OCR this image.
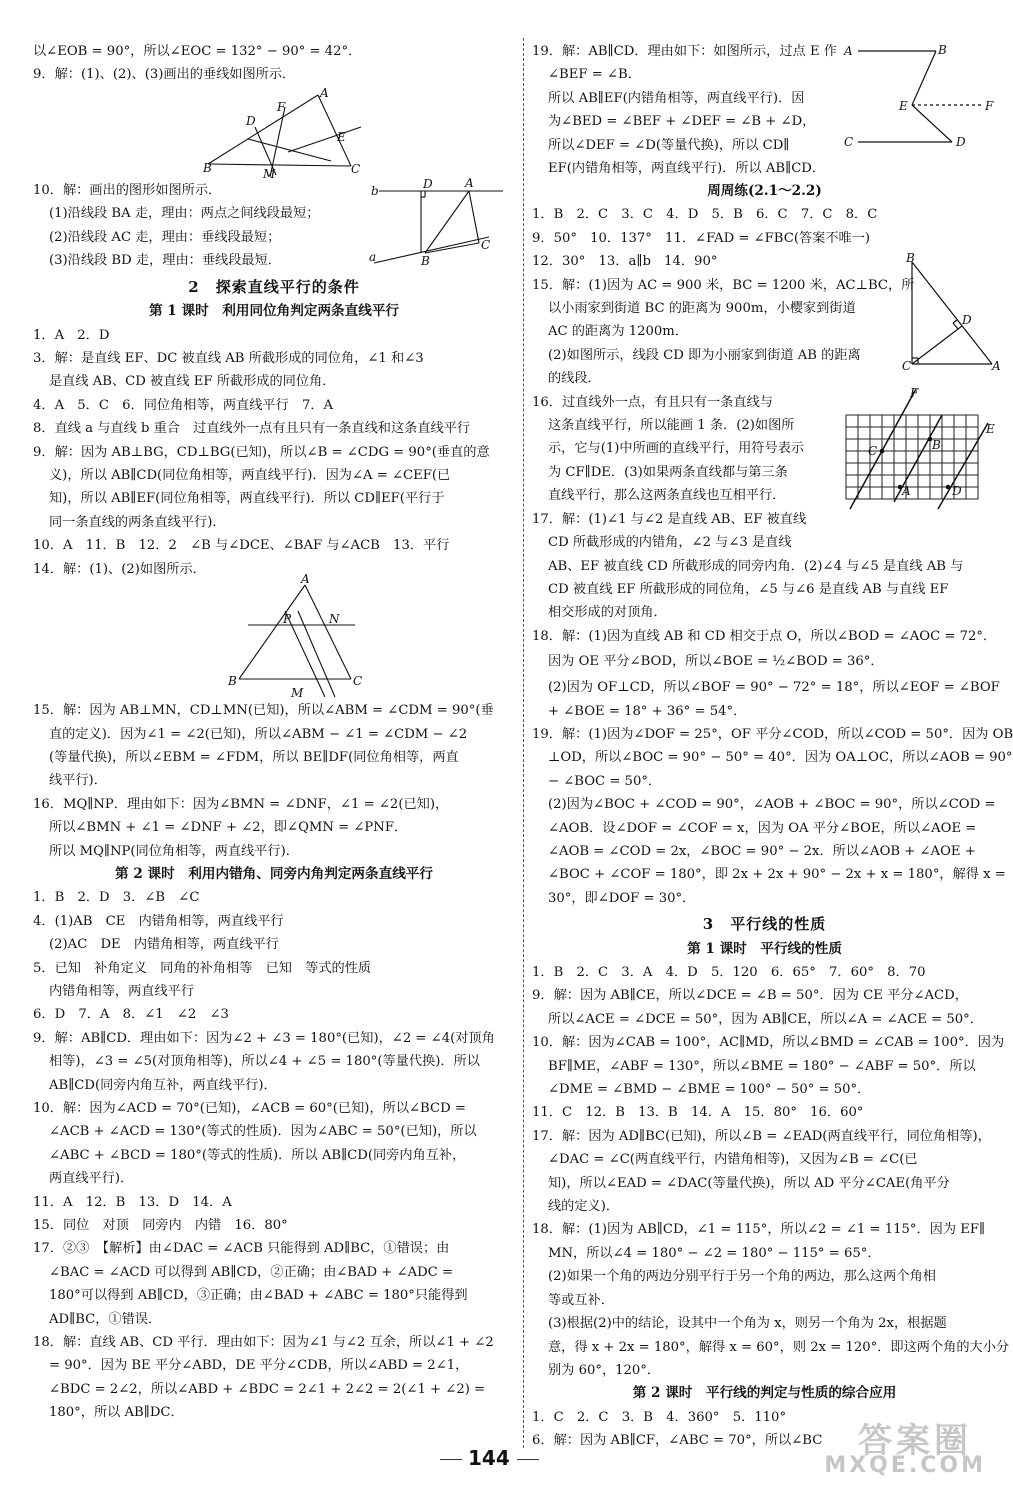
以∠EOB = 90°，所以∠EOC = 132° − 90° = 42°．
9．解：(1)、(2)、(3)画出的垂线如图所示．
A
B	C
D
F
E
M
b	D	A
C
B
a
10．解：画出的图形如图所示．
(1)沿线段 BA 走，理由：两点之间线段最短；
(2)沿线段 AC 走，理由：垂线段最短；
(3)沿线段 BD 走，理由：垂线段最短．
2　探索直线平行的条件
第 1 课时　利用同位角判定两条直线平行
1．A　2．D
3．解：是直线 EF、DC 被直线 AB 所截形成的同位角，∠1 和∠3
是直线 AB、CD 被直线 EF 所截形成的同位角．
4．A　5．C　6．同位角相等，两直线平行　7．A
8．直线 a 与直线 b 重合　过直线外一点有且只有一条直线和这条直线平行
9．解：因为 AB⊥BG，CD⊥BG(已知)，所以∠B = ∠CDG = 90°(垂直的意
义)，所以 AB∥CD(同位角相等，两直线平行)．因为∠A = ∠CEF(已
知)，所以 AB∥EF(同位角相等，两直线平行)．所以 CD∥EF(平行于
同一条直线的两条直线平行)．
10．A　11．B　12．2　∠B 与∠DCE、∠BAF 与∠ACB　13．平行
14．解：(1)、(2)如图所示．
A
B	C
P	N
M
15．解：因为 AB⊥MN，CD⊥MN(已知)，所以∠ABM = ∠CDM = 90°(垂
直的定义)．因为∠1 = ∠2(已知)，所以∠ABM − ∠1 = ∠CDM − ∠2
(等量代换)，所以∠EBM = ∠FDM，所以 BE∥DF(同位角相等，两直
线平行)．
16．MQ∥NP．理由如下：因为∠BMN = ∠DNF，∠1 = ∠2(已知)，
所以∠BMN + ∠1 = ∠DNF + ∠2，即∠QMN = ∠PNF．
所以 MQ∥NP(同位角相等，两直线平行)．
第 2 课时　利用内错角、同旁内角判定两条直线平行
1．B　2．D　3．∠B　∠C
4．(1)AB　CE　内错角相等，两直线平行
(2)AC　DE　内错角相等，两直线平行
5．已知　补角定义　同角的补角相等　已知　等式的性质
内错角相等，两直线平行
6．D　7．A　8．∠1　∠2　∠3
9．解：AB∥CD．理由如下：因为∠2 + ∠3 = 180°(已知)，∠2 = ∠4(对顶角
相等)，∠3 = ∠5(对顶角相等)，所以∠4 + ∠5 = 180°(等量代换)．所以
AB∥CD(同旁内角互补，两直线平行)．
10．解：因为∠ACD = 70°(已知)，∠ACB = 60°(已知)，所以∠BCD =
∠ACB + ∠ACD = 130°(等式的性质)．因为∠ABC = 50°(已知)，所以
∠ABC + ∠BCD = 180°(等式的性质)．所以 AB∥CD(同旁内角互补，
两直线平行)．
11．A　12．B　13．D　14．A
15．同位　对顶　同旁内　内错　16．80°
17．②③　【解析】由∠DAC = ∠ACB 只能得到 AD∥BC，①错误；由
∠BAC = ∠ACD 可以得到 AB∥CD，②正确；由∠BAD + ∠ADC =
180°可以得到 AB∥CD，③正确；由∠BAD + ∠ABC = 180°只能得到
AD∥BC，①错误．
18．解：直线 AB、CD 平行．理由如下：因为∠1 与∠2 互余，所以∠1 + ∠2
= 90°．因为 BE 平分∠ABD，DE 平分∠CDB，所以∠ABD = 2∠1，
∠BDC = 2∠2，所以∠ABD + ∠BDC = 2∠1 + 2∠2 = 2(∠1 + ∠2) =
180°，所以 AB∥DC．
A	B
E	F
C	D
19．解：AB∥CD．理由如下：如图所示，过点 E 作
∠BEF = ∠B．
所以 AB∥EF(内错角相等，两直线平行)．因
为∠BED = ∠BEF + ∠DEF = ∠B + ∠D，
所以∠DEF = ∠D(等量代换)，所以 CD∥
EF(内错角相等，两直线平行)．所以 AB∥CD．
周周练(2.1～2.2)
1．B　2．C　3．C　4．D　5．B　6．C　7．C　8．C
9．50°　10．137°　11．∠FAD = ∠FBC(答案不唯一)
12．30°　13．a∥b　14．90°	B
D
C	A
15．解：(1)因为 AC = 900 米，BC = 1200 米，AC⊥BC，所
以小雨家到街道 BC 的距离为 900m，小樱家到街道
AC 的距离为 1200m．
(2)如图所示，线段 CD 即为小丽家到街道 AB 的距离
的线段．
F
E
C	B
A	D
16．过直线外一点，有且只有一条直线与
这条直线平行，所以能画 1 条．(2)如图所
示，它与(1)中所画的直线平行，用符号表示
为 CF∥DE．(3)如果两条直线都与第三条
直线平行，那么这两条直线也互相平行．
17．解：(1)∠1 与∠2 是直线 AB、EF 被直线
CD 所截形成的内错角，∠2 与∠3 是直线
AB、EF 被直线 CD 所截形成的同旁内角．(2)∠4 与∠5 是直线 AB 与
CD 被直线 EF 所截形成的同位角，∠5 与∠6 是直线 AB 与直线 EF
相交形成的对顶角．
18．解：(1)因为直线 AB 和 CD 相交于点 O，所以∠BOD = ∠AOC = 72°．
因为 OE 平分∠BOD，所以∠BOE = ½∠BOD = 36°．
(2)因为 OF⊥CD，所以∠BOF = 90° − 72° = 18°，所以∠EOF = ∠BOF
+ ∠BOE = 18° + 36° = 54°．
19．解：(1)因为∠DOF = 25°，OF 平分∠COD，所以∠COD = 50°．因为 OB
⊥OD，所以∠BOC = 90° − 50° = 40°．因为 OA⊥OC，所以∠AOB = 90°
− ∠BOC = 50°．
(2)因为∠BOC + ∠COD = 90°，∠AOB + ∠BOC = 90°，所以∠COD =
∠AOB．设∠DOF = ∠COF = x，因为 OA 平分∠BOE，所以∠AOE =
∠AOB = ∠COD = 2x，∠BOC = 90° − 2x．所以∠AOB + ∠AOE +
∠BOC + ∠COF = 180°，即 2x + 2x + 90° − 2x + x = 180°，解得 x =
30°，即∠DOF = 30°．
3　平行线的性质
第 1 课时　平行线的性质
1．B　2．C　3．A　4．D　5．120　6．65°　7．60°　8．70
9．解：因为 AB∥CE，所以∠DCE = ∠B = 50°．因为 CE 平分∠ACD，
所以∠ACE = ∠DCE = 50°，因为 AB∥CE，所以∠A = ∠ACE = 50°．
10．解：因为∠CAB = 100°，AC∥MD，所以∠BMD = ∠CAB = 100°．因为
BF∥ME，∠ABF = 130°，所以∠BME = 180° − ∠ABF = 50°．所以
∠DME = ∠BMD − ∠BME = 100° − 50° = 50°．
11．C　12．B　13．B　14．A　15．80°　16．60°
17．解：因为 AD∥BC(已知)，所以∠B = ∠EAD(两直线平行，同位角相等)，
∠DAC = ∠C(两直线平行，内错角相等)，又因为∠B = ∠C(已
知)，所以∠EAD = ∠DAC(等量代换)，所以 AD 平分∠CAE(角平分
线的定义)．
18．解：(1)因为 AB∥CD，∠1 = 115°，所以∠2 = ∠1 = 115°．因为 EF∥
MN，所以∠4 = 180° − ∠2 = 180° − 115° = 65°．
(2)如果一个角的两边分别平行于另一个角的两边，那么这两个角相
等或互补．
(3)根据(2)中的结论，设其中一个角为 x，则另一个角为 2x，根据题
意，得 x + 2x = 180°，解得 x = 60°，则 2x = 120°．即这两个角的大小分
别为 60°，120°．
第 2 课时　平行线的判定与性质的综合应用
1．C　2．C　3．B　4．360°　5．110°
6．解：因为 AB∥CF，∠ABC = 70°，所以∠BC
144	答案圈
MXQE.COM
